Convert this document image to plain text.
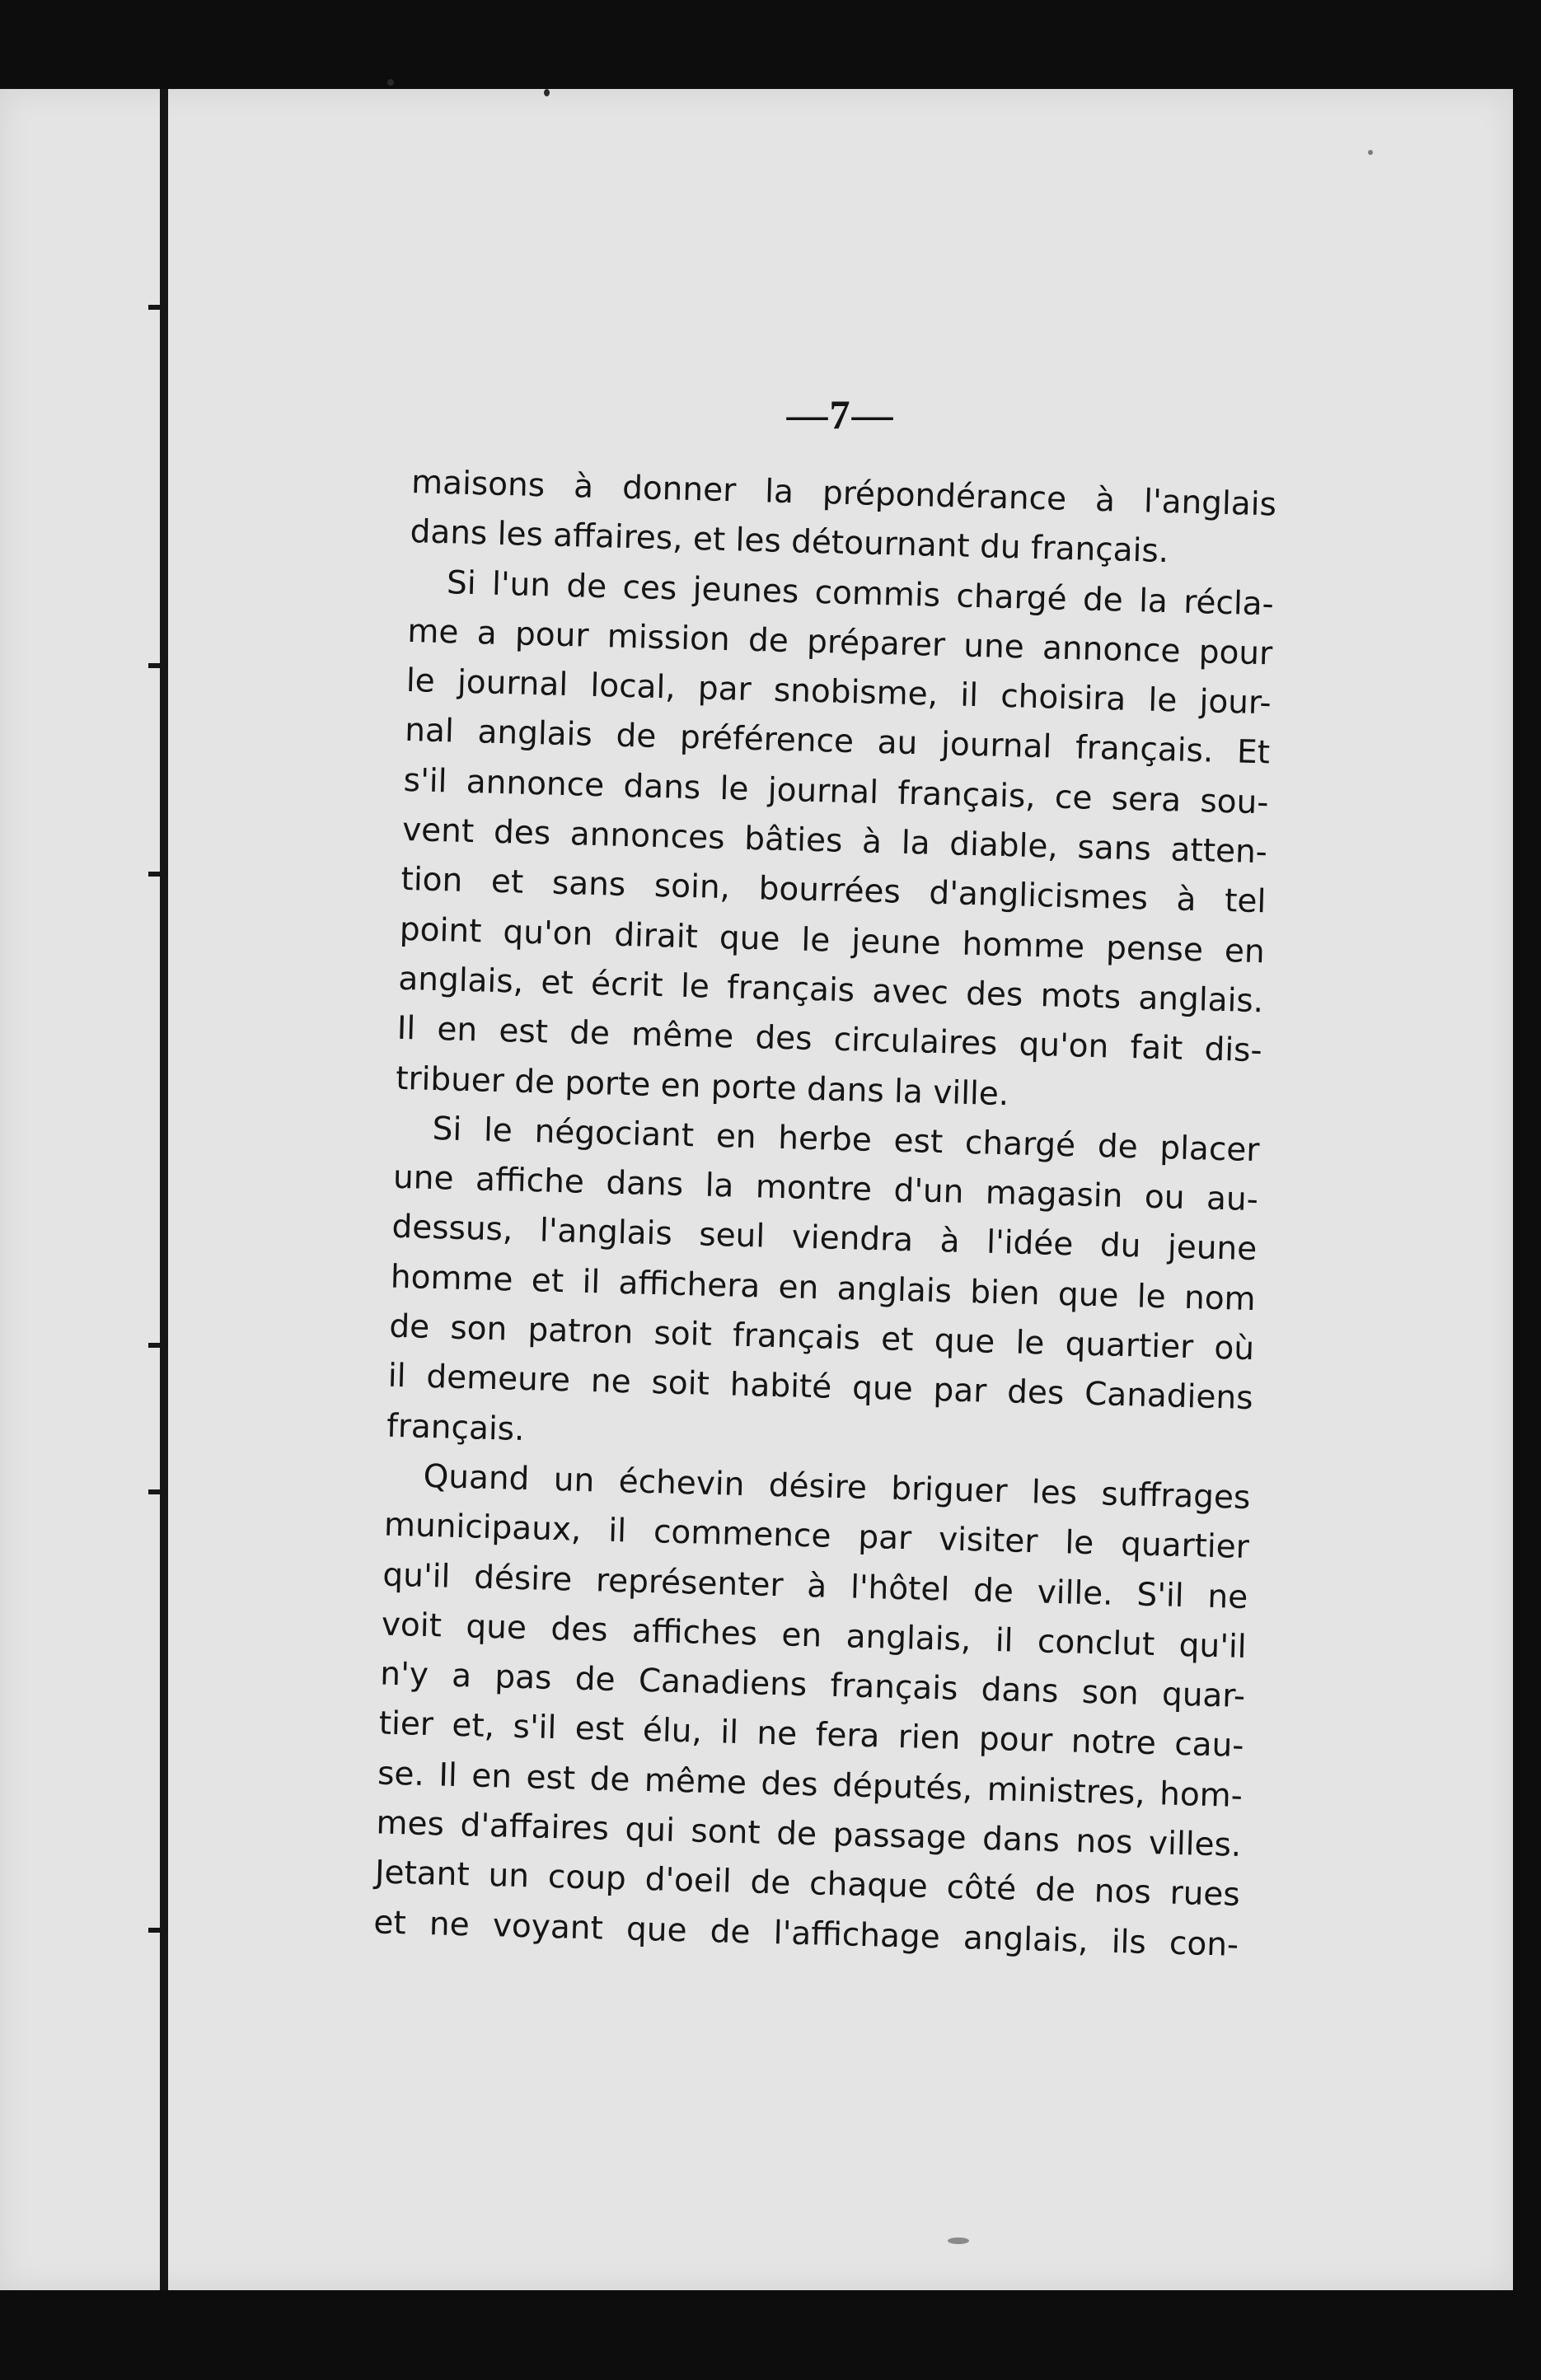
—7—
maisons à donner la prépondérance à l'anglais
dans les affaires, et les détournant du français.
Si l'un de ces jeunes commis chargé de la récla-
me a pour mission de préparer une annonce pour
le journal local, par snobisme, il choisira le jour-
nal anglais de préférence au journal français. Et
s'il annonce dans le journal français, ce sera sou-
vent des annonces bâties à la diable, sans atten-
tion et sans soin, bourrées d'anglicismes à tel
point qu'on dirait que le jeune homme pense en
anglais, et écrit le français avec des mots anglais.
Il en est de même des circulaires qu'on fait dis-
tribuer de porte en porte dans la ville.
Si le négociant en herbe est chargé de placer
une affiche dans la montre d'un magasin ou au-
dessus, l'anglais seul viendra à l'idée du jeune
homme et il affichera en anglais bien que le nom
de son patron soit français et que le quartier où
il demeure ne soit habité que par des Canadiens
français.
Quand un échevin désire briguer les suffrages
municipaux, il commence par visiter le quartier
qu'il désire représenter à l'hôtel de ville. S'il ne
voit que des affiches en anglais, il conclut qu'il
n'y a pas de Canadiens français dans son quar-
tier et, s'il est élu, il ne fera rien pour notre cau-
se. Il en est de même des députés, ministres, hom-
mes d'affaires qui sont de passage dans nos villes.
Jetant un coup d'oeil de chaque côté de nos rues
et ne voyant que de l'affichage anglais, ils con-
